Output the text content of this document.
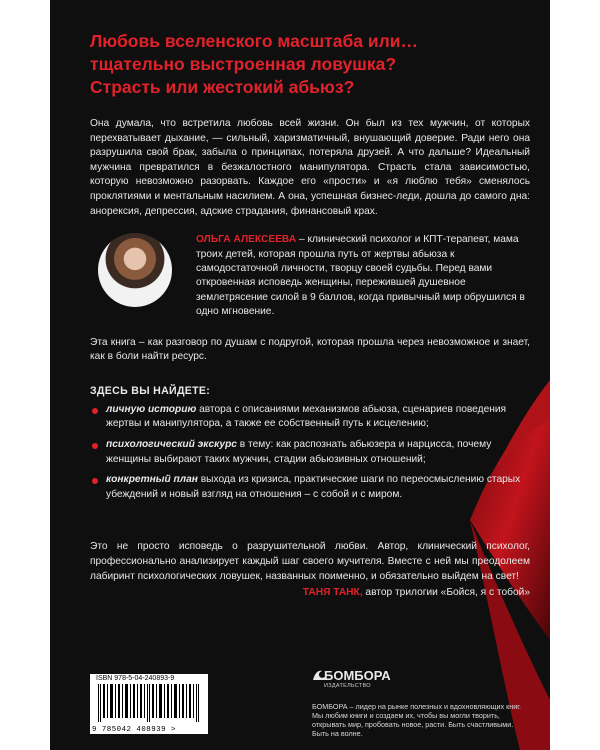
Любовь вселенского масштаба или…
тщательно выстроенная ловушка?
Страсть или жестокий абьюз?

Она думала, что встретила любовь всей жизни. Он был из тех мужчин, от которых перехватывает дыхание, — сильный, харизматичный, внушающий доверие. Ради него она разрушила свой брак, забыла о принципах, потеряла друзей. А что дальше? Идеальный мужчина превратился в безжалостного манипулятора. Страсть стала зависимостью, которую невозможно разорвать. Каждое его «прости» и «я люблю тебя» сменялось проклятиями и ментальным насилием. А она, успешная бизнес-леди, дошла до самого дна: анорексия, депрессия, адские страдания, финансовый крах.

ОЛЬГА АЛЕКСЕЕВА – клинический психолог и КПТ-терапевт, мама троих детей, которая прошла путь от жертвы абьюза к самодостаточной личности, творцу своей судьбы. Перед вами откровенная исповедь женщины, пережившей душевное землетрясение силой в 9 баллов, когда привычный мир обрушился в одно мгновение.

Эта книга – как разговор по душам с подругой, которая прошла через невозможное и знает, как в боли найти ресурс.

ЗДЕСЬ ВЫ НАЙДЕТЕ:
личную историю автора с описаниями механизмов абьюза, сценариев поведения жертвы и манипулятора, а также ее собственный путь к исцелению;
психологический экскурс в тему: как распознать абьюзера и нарцисса, почему женщины выбирают таких мужчин, стадии абьюзивных отношений;
конкретный план выхода из кризиса, практические шаги по переосмыслению старых убеждений и новый взгляд на отношения – с собой и с миром.

Это не просто исповедь о разрушительной любви. Автор, клинический психолог, профессионально анализирует каждый шаг своего мучителя. Вместе с ней мы преодолеем лабиринт психологических ловушек, названных поименно, и обязательно выйдем на свет!

ТАНЯ ТАНК, автор трилогии «Бойся, я с тобой»
ISBN 978-5-04-240893-9
9 785042 408939 >
БОМБОРА
ИЗДАТЕЛЬСТВО
БОМБОРА – лидер на рынке полезных и вдохновляющих книг. Мы любим книги и создаем их, чтобы вы могли творить, открывать мир, пробовать новое, расти. Быть счастливыми. Быть на волне.
